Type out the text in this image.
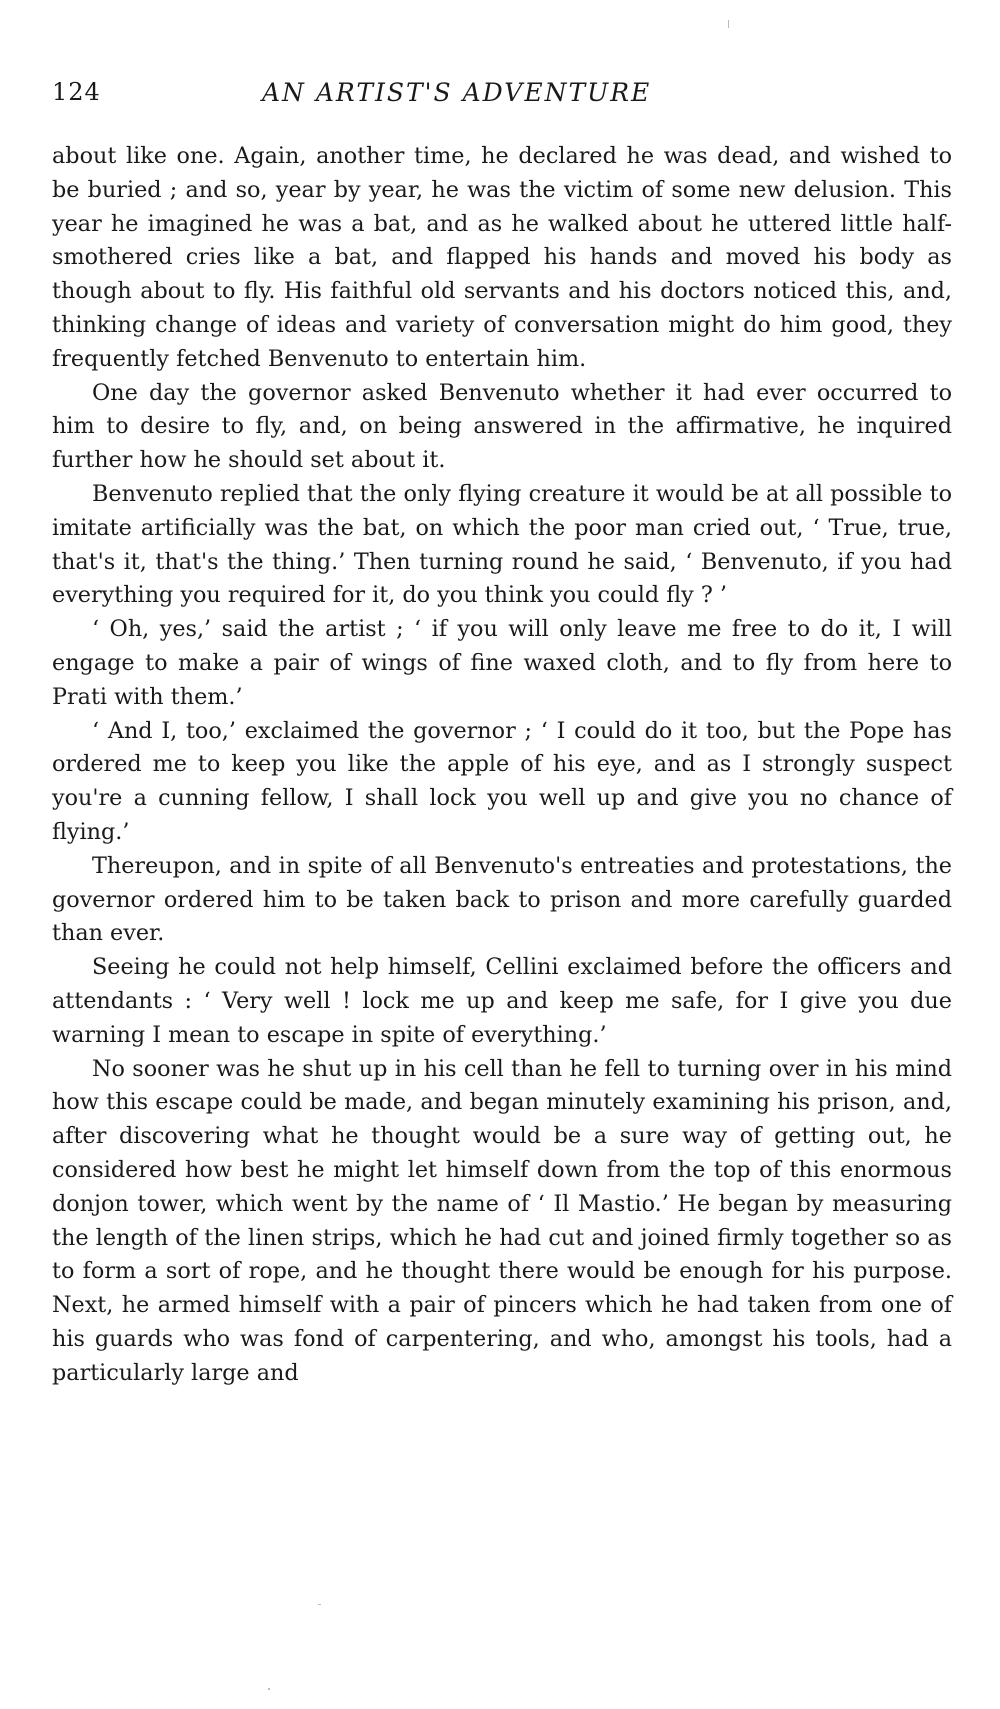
124	AN ARTIST'S ADVENTURE

about like one. Again, another time, he declared he was dead, and wished to be buried ; and so, year by year, he was the victim of some new delusion. This year he imagined he was a bat, and as he walked about he uttered little half-smothered cries like a bat, and flapped his hands and moved his body as though about to fly. His faithful old servants and his doctors noticed this, and, thinking change of ideas and variety of conversation might do him good, they frequently fetched Benvenuto to entertain him.

One day the governor asked Benvenuto whether it had ever occurred to him to desire to fly, and, on being answered in the affirmative, he inquired further how he should set about it.

Benvenuto replied that the only flying creature it would be at all possible to imitate artificially was the bat, on which the poor man cried out, ‘ True, true, that's it, that's the thing.’ Then turning round he said, ‘ Benvenuto, if you had everything you required for it, do you think you could fly ? ’

‘ Oh, yes,’ said the artist ; ‘ if you will only leave me free to do it, I will engage to make a pair of wings of fine waxed cloth, and to fly from here to Prati with them.’

‘ And I, too,’ exclaimed the governor ; ‘ I could do it too, but the Pope has ordered me to keep you like the apple of his eye, and as I strongly suspect you're a cunning fellow, I shall lock you well up and give you no chance of flying.’

Thereupon, and in spite of all Benvenuto's entreaties and protestations, the governor ordered him to be taken back to prison and more carefully guarded than ever.

Seeing he could not help himself, Cellini exclaimed before the officers and attendants : ‘ Very well ! lock me up and keep me safe, for I give you due warning I mean to escape in spite of everything.’

No sooner was he shut up in his cell than he fell to turning over in his mind how this escape could be made, and began minutely examining his prison, and, after discovering what he thought would be a sure way of getting out, he considered how best he might let himself down from the top of this enormous donjon tower, which went by the name of ‘ Il Mastio.’ He began by measuring the length of the linen strips, which he had cut and joined firmly together so as to form a sort of rope, and he thought there would be enough for his purpose. Next, he armed himself with a pair of pincers which he had taken from one of his guards who was fond of carpentering, and who, amongst his tools, had a particularly large and
